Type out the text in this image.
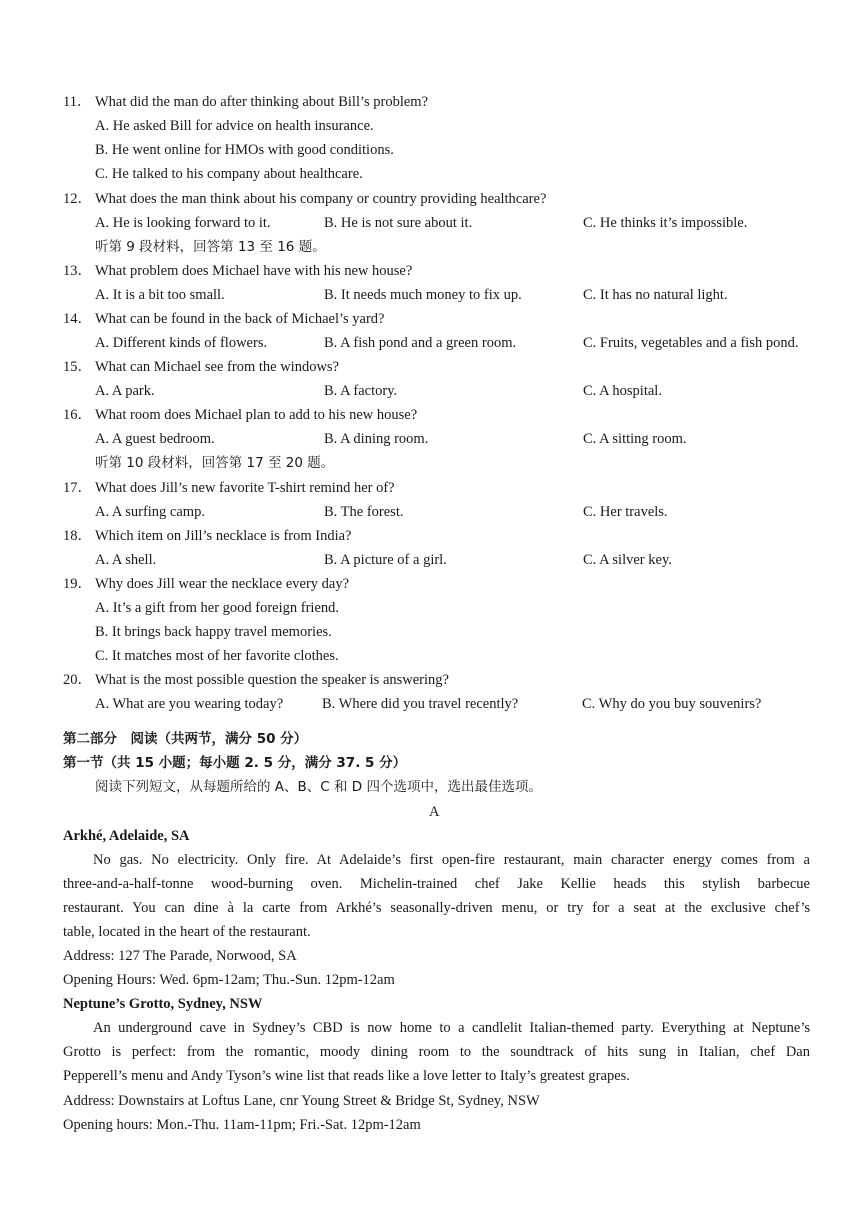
11． What did the man do after thinking about Bill’s problem?
A. He asked Bill for advice on health insurance.
B. He went online for HMOs with good conditions.
C. He talked to his company about healthcare.
12． What does the man think about his company or country providing healthcare?
A. He is looking forward to it.	B. He is not sure about it.	C. He thinks it’s impossible.
听第 9 段材料，回答第 13 至 16 题。
13． What problem does Michael have with his new house?
A. It is a bit too small.	B. It needs much money to fix up.	C. It has no natural light.
14． What can be found in the back of Michael’s yard?
A. Different kinds of flowers.	B. A fish pond and a green room.	C. Fruits, vegetables and a fish pond.
15． What can Michael see from the windows?
A. A park.	B. A factory.	C. A hospital.
16． What room does Michael plan to add to his new house?
A. A guest bedroom.	B. A dining room.	C. A sitting room.
听第 10 段材料，回答第 17 至 20 题。
17． What does Jill’s new favorite T-shirt remind her of?
A. A surfing camp.	B. The forest.	C. Her travels.
18． Which item on Jill’s necklace is from India?
A. A shell.	B. A picture of a girl.	C. A silver key.
19． Why does Jill wear the necklace every day?
A. It’s a gift from her good foreign friend.
B. It brings back happy travel memories.
C. It matches most of her favorite clothes.
20． What is the most possible question the speaker is answering?
A. What are you wearing today?	B. Where did you travel recently?	C. Why do you buy souvenirs?
第二部分　阅读（共两节，满分 50 分）
第一节（共 15 小题；每小题 2. 5 分，满分 37. 5 分）
阅读下列短文，从每题所给的 A、B、C 和 D 四个选项中，选出最佳选项。
A
Arkhé, Adelaide, SA
No gas. No electricity. Only fire. At Adelaide’s first open-fire restaurant, main character energy comes from a
three-and-a-half-tonne wood-burning oven. Michelin-trained chef Jake Kellie heads this stylish barbecue
restaurant. You can dine à la carte from Arkhé’s seasonally-driven menu, or try for a seat at the exclusive chef’s
table, located in the heart of the restaurant.
Address: 127 The Parade, Norwood, SA
Opening Hours: Wed. 6pm-12am; Thu.-Sun. 12pm-12am
Neptune’s Grotto, Sydney, NSW
An underground cave in Sydney’s CBD is now home to a candlelit Italian-themed party. Everything at Neptune’s
Grotto is perfect: from the romantic, moody dining room to the soundtrack of hits sung in Italian, chef Dan
Pepperell’s menu and Andy Tyson’s wine list that reads like a love letter to Italy’s greatest grapes.
Address: Downstairs at Loftus Lane, cnr Young Street & Bridge St, Sydney, NSW
Opening hours: Mon.-Thu. 11am-11pm; Fri.-Sat. 12pm-12am
